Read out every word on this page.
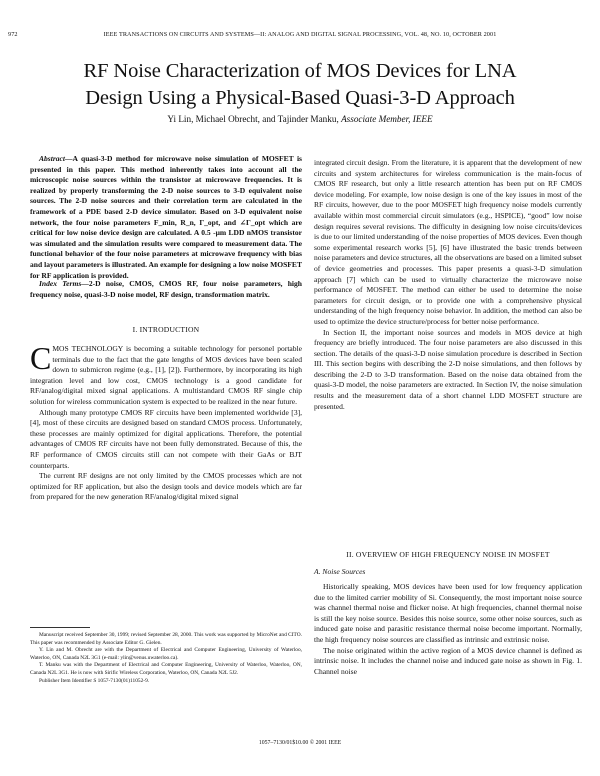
972	IEEE TRANSACTIONS ON CIRCUITS AND SYSTEMS—II: ANALOG AND DIGITAL SIGNAL PROCESSING, VOL. 48, NO. 10, OCTOBER 2001
RF Noise Characterization of MOS Devices for LNA
Design Using a Physical-Based Quasi-3-D Approach
Yi Lin, Michael Obrecht, and Tajinder Manku, Associate Member, IEEE

Abstract—A quasi-3-D method for microwave noise simulation of MOSFET is presented in this paper. This method inherently takes into account all the microscopic noise sources within the transistor at microwave frequencies. It is realized by properly transforming the 2-D noise sources to 3-D equivalent noise sources. The 2-D noise sources and their correlation term are calculated in the framework of a PDE based 2-D device simulator. Based on 3-D equivalent noise network, the four noise parameters F_min, R_n, Γ_opt, and ∠Γ_opt which are critical for low noise device design are calculated. A 0.5 -μm LDD nMOS transistor was simulated and the simulation results were compared to measurement data. The functional behavior of the four noise parameters at microwave frequency with bias and layout parameters is illustrated. An example for designing a low noise MOSFET for RF application is provided.

Index Terms—2-D noise, CMOS, CMOS RF, four noise parameters, high frequency noise, quasi-3-D noise model, RF design, transformation matrix.

I. INTRODUCTION

CMOS TECHNOLOGY is becoming a suitable technology for personel portable terminals due to the fact that the gate lengths of MOS devices have been scaled down to submicron regime (e.g., [1], [2]). Furthermore, by incorporating its high integration level and low cost, CMOS technology is a good candidate for RF/analog/digital mixed signal applications. A multistandard CMOS RF single chip solution for wireless communication system is expected to be realized in the near future.

Although many prototype CMOS RF circuits have been implemented worldwide [3], [4], most of these circuits are designed based on standard CMOS process. Unfortunately, these processes are mainly optimized for digital applications. Therefore, the potential advantages of CMOS RF circuits have not been fully demonstrated. Because of this, the RF performance of CMOS circuits still can not compete with their GaAs or BJT counterparts.

The current RF designs are not only limited by the CMOS processes which are not optimized for RF application, but also the design tools and device models which are far from prepared for the new generation RF/analog/digital mixed signal

Manuscript received September 30, 1999; revised September 28, 2000. This work was supported by MicroNet and CITO. This paper was recommended by Associate Editor G. Gielen.

Y. Lin and M. Obrecht are with the Department of Electrical and Computer Engineering, University of Waterloo, Waterloo, ON, Canada N2L 3G1 (e-mail: ylin@venus.uwaterloo.ca).

T. Manku was with the Department of Electrical and Computer Engineering, University of Waterloo, Waterloo, ON, Canada N2L 3G1. He is now with Sirific Wireless Corporation, Waterloo, ON, Canada N2L 5J2.

Publisher Item Identifier S 1057-7130(01)11052-9.

integrated circuit design. From the literature, it is apparent that the development of new circuits and system architectures for wireless communication is the main-focus of CMOS RF research, but only a little research attention has been put on RF CMOS device modeling. For example, low noise design is one of the key issues in most of the RF circuits, however, due to the poor MOSFET high frequency noise models currently available within most commercial circuit simulators (e.g., HSPICE), “good” low noise design requires several revisions. The difficulty in designing low noise circuits/devices is due to our limited understanding of the noise properties of MOS devices. Even though some experimental research works [5], [6] have illustrated the basic trends between noise parameters and device structures, all the observations are based on a limited subset of device geometries and processes. This paper presents a quasi-3-D simulation approach [7] which can be used to virtually characterize the microwave noise performance of MOSFET. The method can either be used to determine the noise parameters for circuit design, or to provide one with a comprehensive physical understanding of the high frequency noise behavior. In addition, the method can also be used to optimize the device structure/process for better noise performance.

In Section II, the important noise sources and models in MOS device at high frequency are briefly introduced. The four noise parameters are also discussed in this section. The details of the quasi-3-D noise simulation procedure is described in Section III. This section begins with describing the 2-D noise simulations, and then follows by describing the 2-D to 3-D transformation. Based on the noise data obtained from the quasi-3-D model, the noise parameters are extracted. In Section IV, the noise simulation results and the measurement data of a short channel LDD MOSFET structure are presented.

II. OVERVIEW OF HIGH FREQUENCY NOISE IN MOSFET
A. Noise Sources

Historically speaking, MOS devices have been used for low frequency application due to the limited carrier mobility of Si. Consequently, the most important noise source was channel thermal noise and flicker noise. At high frequencies, channel thermal noise is still the key noise source. Besides this noise source, some other noise sources, such as induced gate noise and parasitic resistance thermal noise become important. Normally, the high frequency noise sources are classified as intrinsic and extrinsic noise.

The noise originated within the active region of a MOS device channel is defined as intrinsic noise. It includes the channel noise and induced gate noise as shown in Fig. 1. Channel noise

1057–7130/01$10.00 © 2001 IEEE
